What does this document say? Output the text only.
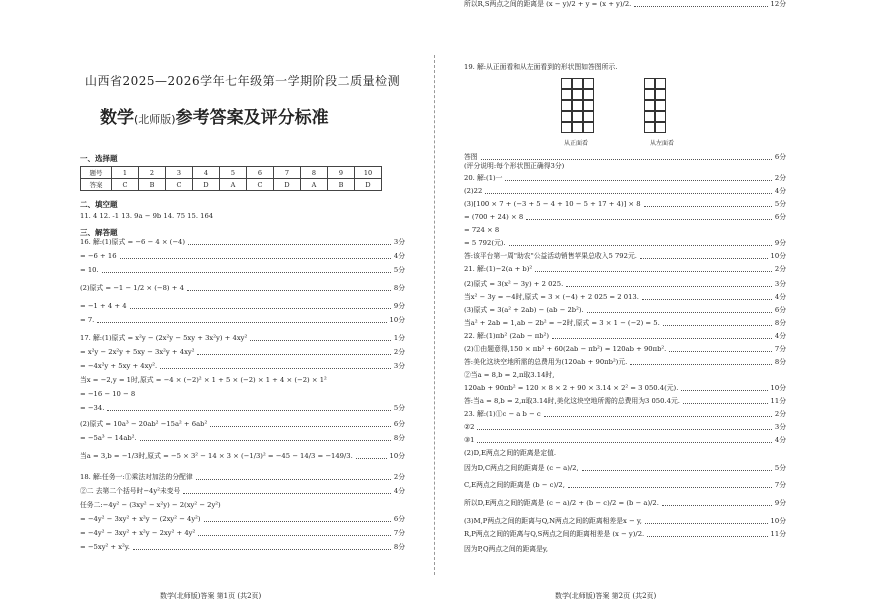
山西省2025—2026学年七年级第一学期阶段二质量检测
数学(北师版)参考答案及评分标准
一、选择题
题号	1	2	3	4	5	6	7	8	9	10
答案	C	B	C	D	A	C	D	A	B	D
二、填空题
11. 4 12. -1 13. 9a − 9b 14. 75 15. 164
三、解答题
16. 解:(1)原式 = −6 − 4 × (−4)	3分
= −6 + 16	4分
= 10.	5分
(2)原式 = −1 − 1/2 × (−8) + 4	8分
= −1 + 4 + 4	9分
= 7.	10分
17. 解:(1)原式 = x²y − (2x²y − 5xy + 3x²y) + 4xy²	1分
= x²y − 2x²y + 5xy − 3x²y + 4xy²	2分
= −4x²y + 5xy + 4xy².	3分
当x = −2,y = 1时,原式 = −4 × (−2)² × 1 + 5 × (−2) × 1 + 4 × (−2) × 1²
= −16 − 10 − 8
= −34.	5分
(2)原式 = 10a³ − 20ab² −15a² + 6ab²	6分
= −5a³ − 14ab².	8分
当a = 3,b = −1/3时,原式 = −5 × 3² − 14 × 3 × (−1/3)² = −45 − 14/3 = −149/3.	10分
18. 解:任务一:①乘法对加法的分配律	2分
②二 去第二个括号时−4y²未变号	4分
任务二:−4y² − (3xy² − x²y) − 2(xy² − 2y²)
= −4y² − 3xy² + x²y − (2xy² − 4y²)	6分
= −4y² − 3xy² + x²y − 2xy² + 4y²	7分
= −5xy² + x²y.	8分
数学(北师版)答案 第1页 (共2页)
19. 解:从正面看和从左面看到的形状图如答图所示.
答图	6分
(评分说明:每个形状图正确得3分)
20. 解:(1)一	2分
(2)22	4分
(3)[100 × 7 + (−3 + 5 − 4 + 10 − 5 + 17 + 4)] × 8	5分
= (700 + 24) × 8	6分
= 724 × 8
= 5 792(元).	9分
答:该平台第一周"助农"公益活动销售苹果总收入5 792元.	10分
21. 解:(1)−2(a + b)²	2分
(2)原式 = 3(x² − 3y) + 2 025.	3分
当x² − 3y = −4时,原式 = 3 × (−4) + 2 025 = 2 013.	4分
(3)原式 = 3(a² + 2ab) − (ab − 2b²).	6分
当a² + 2ab = 1,ab − 2b² = −2时,原式 = 3 × 1 − (−2) = 5.	8分
22. 解:(1)πb² (2ab − πb²)	4分
(2)①由题意得,150 × πb² + 60(2ab − πb²) = 120ab + 90πb².	7分
答:美化这块空地所需的总费用为(120ab + 90πb²)元.	8分
②当a = 8,b = 2,π取3.14时,
120ab + 90πb² = 120 × 8 × 2 + 90 × 3.14 × 2² = 3 050.4(元).	10分
答:当a = 8,b = 2,π取3.14时,美化这块空地所需的总费用为3 050.4元.	11分
23. 解:(1)①c − a b − c	2分
②2	3分
③1	4分
(2)D,E两点之间的距离是定值.
因为D,C两点之间的距离是 (c − a)/2,	5分
C,E两点之间的距离是 (b − c)/2,	7分
所以D,E两点之间的距离是 (c − a)/2 + (b − c)/2 = (b − a)/2.	9分
(3)M,P两点之间的距离与Q,N两点之间的距离相差是x − y,	10分
R,P两点之间的距离与Q,S两点之间的距离相差是 (x − y)/2.	11分
因为P,Q两点之间的距离是y,
所以R,S两点之间的距离是 (x − y)/2 + y = (x + y)/2.	12分
从正面看	从左面看
数学(北师版)答案 第2页 (共2页)
